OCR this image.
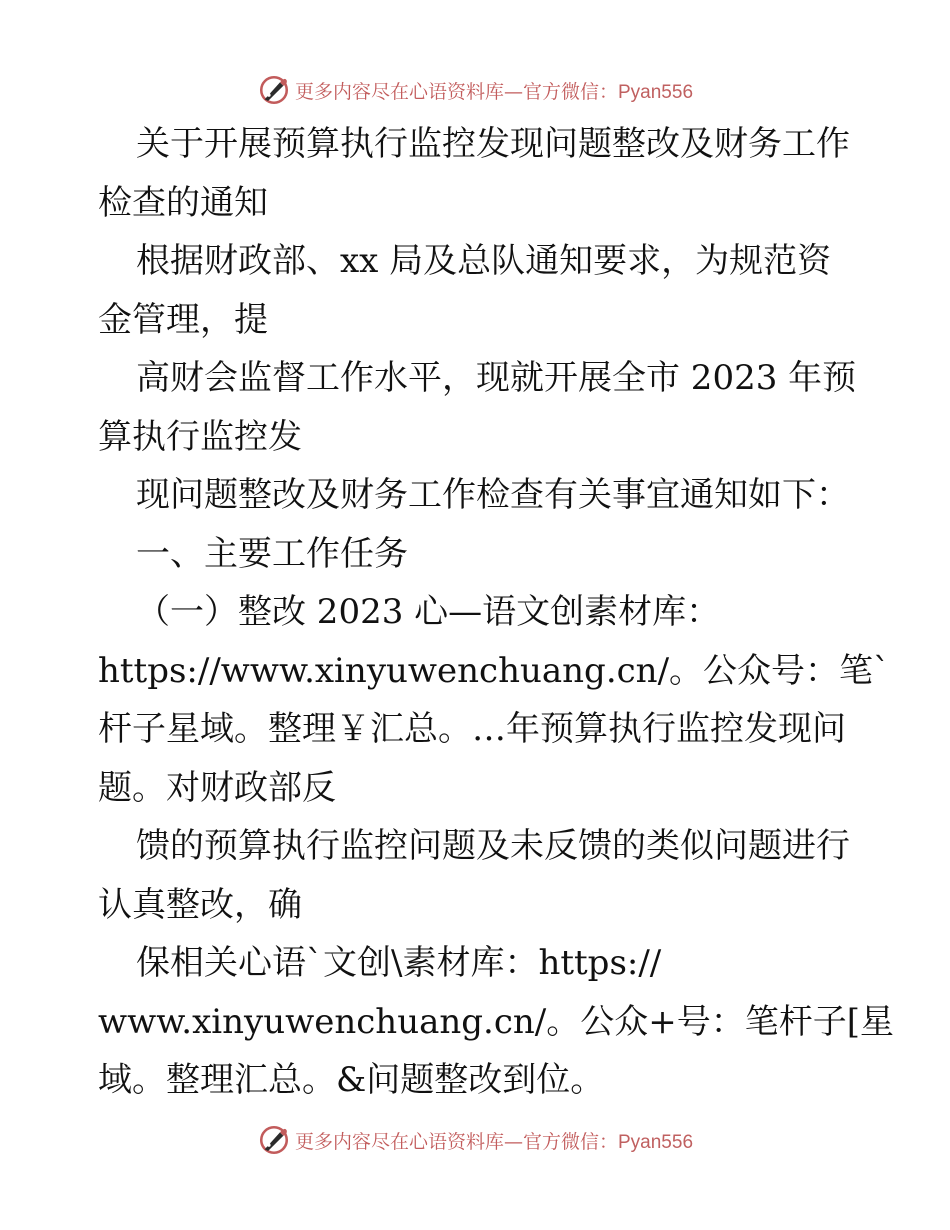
更多内容尽在心语资料库—官方微信：Pyan556
关于开展预算执行监控发现问题整改及财务工作
检查的通知
根据财政部、xx 局及总队通知要求，为规范资
金管理，提
高财会监督工作水平，现就开展全市 2023 年预
算执行监控发
现问题整改及财务工作检查有关事宜通知如下：
一、主要工作任务
（一）整改 2023 心—语文创素材库：
https://www.xinyuwenchuang.cn/。公众号：笔`
杆子星域。整理￥汇总。…年预算执行监控发现问
题。对财政部反
馈的预算执行监控问题及未反馈的类似问题进行
认真整改，确
保相关心语`文创\素材库：https://
www.xinyuwenchuang.cn/。公众+号：笔杆子[星
域。整理汇总。&问题整改到位。
更多内容尽在心语资料库—官方微信：Pyan556
